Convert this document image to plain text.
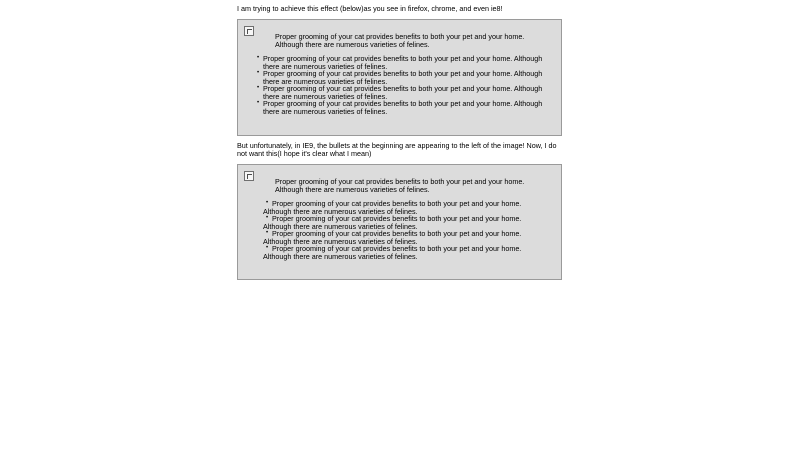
I am trying to achieve this effect (below)as you see in firefox, chrome, and even ie8!
Proper grooming of your cat provides benefits to both your pet and your home. Although there are numerous varieties of felines.
• Proper grooming of your cat provides benefits to both your pet and your home. Although there are numerous varieties of felines.
• Proper grooming of your cat provides benefits to both your pet and your home. Although there are numerous varieties of felines.
• Proper grooming of your cat provides benefits to both your pet and your home. Although there are numerous varieties of felines.
• Proper grooming of your cat provides benefits to both your pet and your home. Although there are numerous varieties of felines.
But unfortunately, in IE9, the bullets at the beginning are appearing to the left of the image! Now, I do not want this(I hope it's clear what I mean)
Proper grooming of your cat provides benefits to both your pet and your home. Although there are numerous varieties of felines.
• Proper grooming of your cat provides benefits to both your pet and your home. Although there are numerous varieties of felines.
• Proper grooming of your cat provides benefits to both your pet and your home. Although there are numerous varieties of felines.
• Proper grooming of your cat provides benefits to both your pet and your home. Although there are numerous varieties of felines.
• Proper grooming of your cat provides benefits to both your pet and your home. Although there are numerous varieties of felines.
